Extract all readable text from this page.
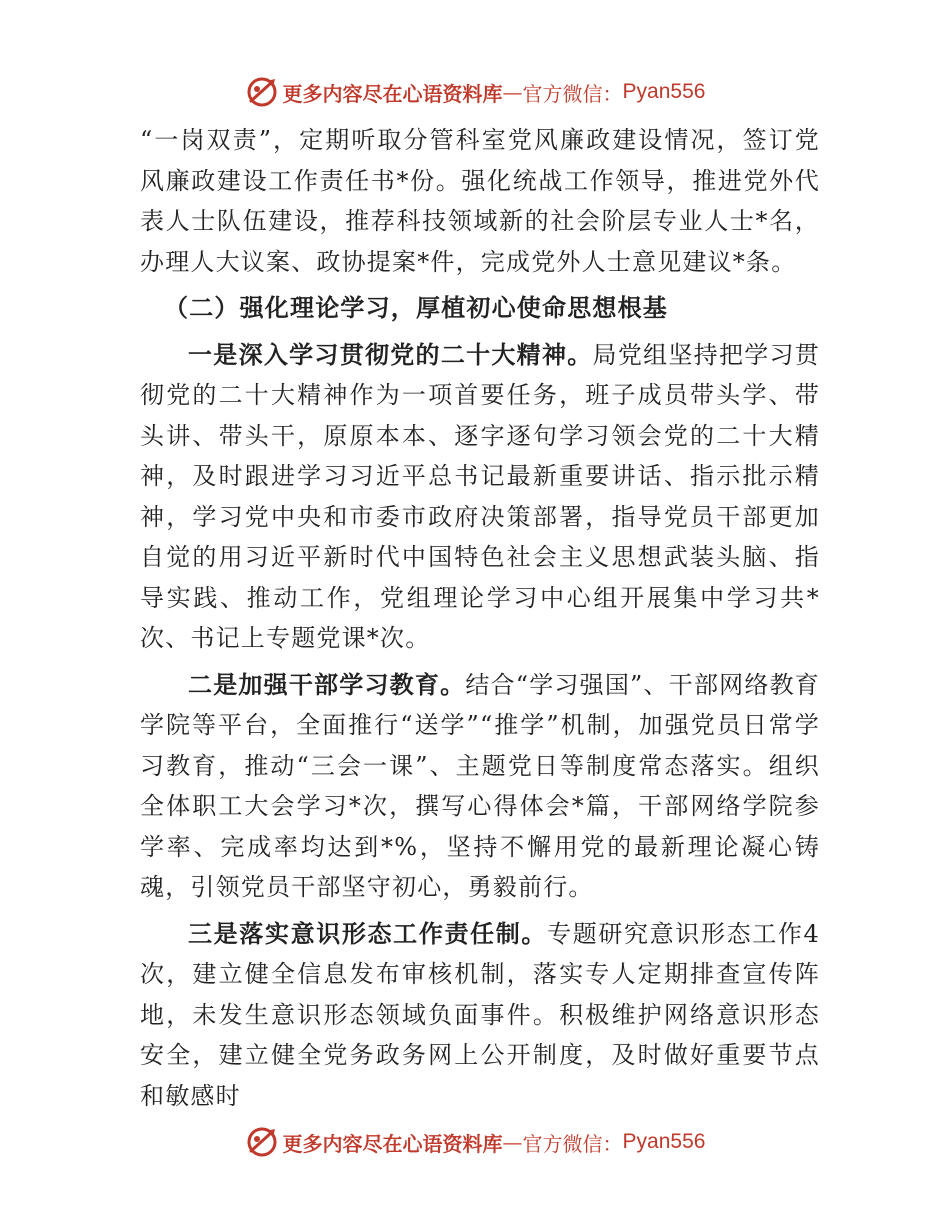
更多内容尽在心语资料库 — 官方微信： Pyan556

“一岗双责”，定期听取分管科室党风廉政建设情况，签订党风廉政建设工作责任书*份。强化统战工作领导，推进党外代表人士队伍建设，推荐科技领域新的社会阶层专业人士*名，办理人大议案、政协提案*件，完成党外人士意见建议*条。

（二）强化理论学习，厚植初心使命思想根基

一是深入学习贯彻党的二十大精神。局党组坚持把学习贯彻党的二十大精神作为一项首要任务，班子成员带头学、带头讲、带头干，原原本本、逐字逐句学习领会党的二十大精神，及时跟进学习习近平总书记最新重要讲话、指示批示精神，学习党中央和市委市政府决策部署，指导党员干部更加自觉的用习近平新时代中国特色社会主义思想武装头脑、指导实践、推动工作，党组理论学习中心组开展集中学习共*次、书记上专题党课*次。

二是加强干部学习教育。结合“学习强国”、干部网络教育学院等平台，全面推行“送学”“推学”机制，加强党员日常学习教育，推动“三会一课”、主题党日等制度常态落实。组织全体职工大会学习*次，撰写心得体会*篇，干部网络学院参学率、完成率均达到*%，坚持不懈用党的最新理论凝心铸魂，引领党员干部坚守初心，勇毅前行。

三是落实意识形态工作责任制。专题研究意识形态工作4次，建立健全信息发布审核机制，落实专人定期排查宣传阵地，未发生意识形态领域负面事件。积极维护网络意识形态安全，建立健全党务政务网上公开制度，及时做好重要节点和敏感时

更多内容尽在心语资料库 — 官方微信： Pyan556
